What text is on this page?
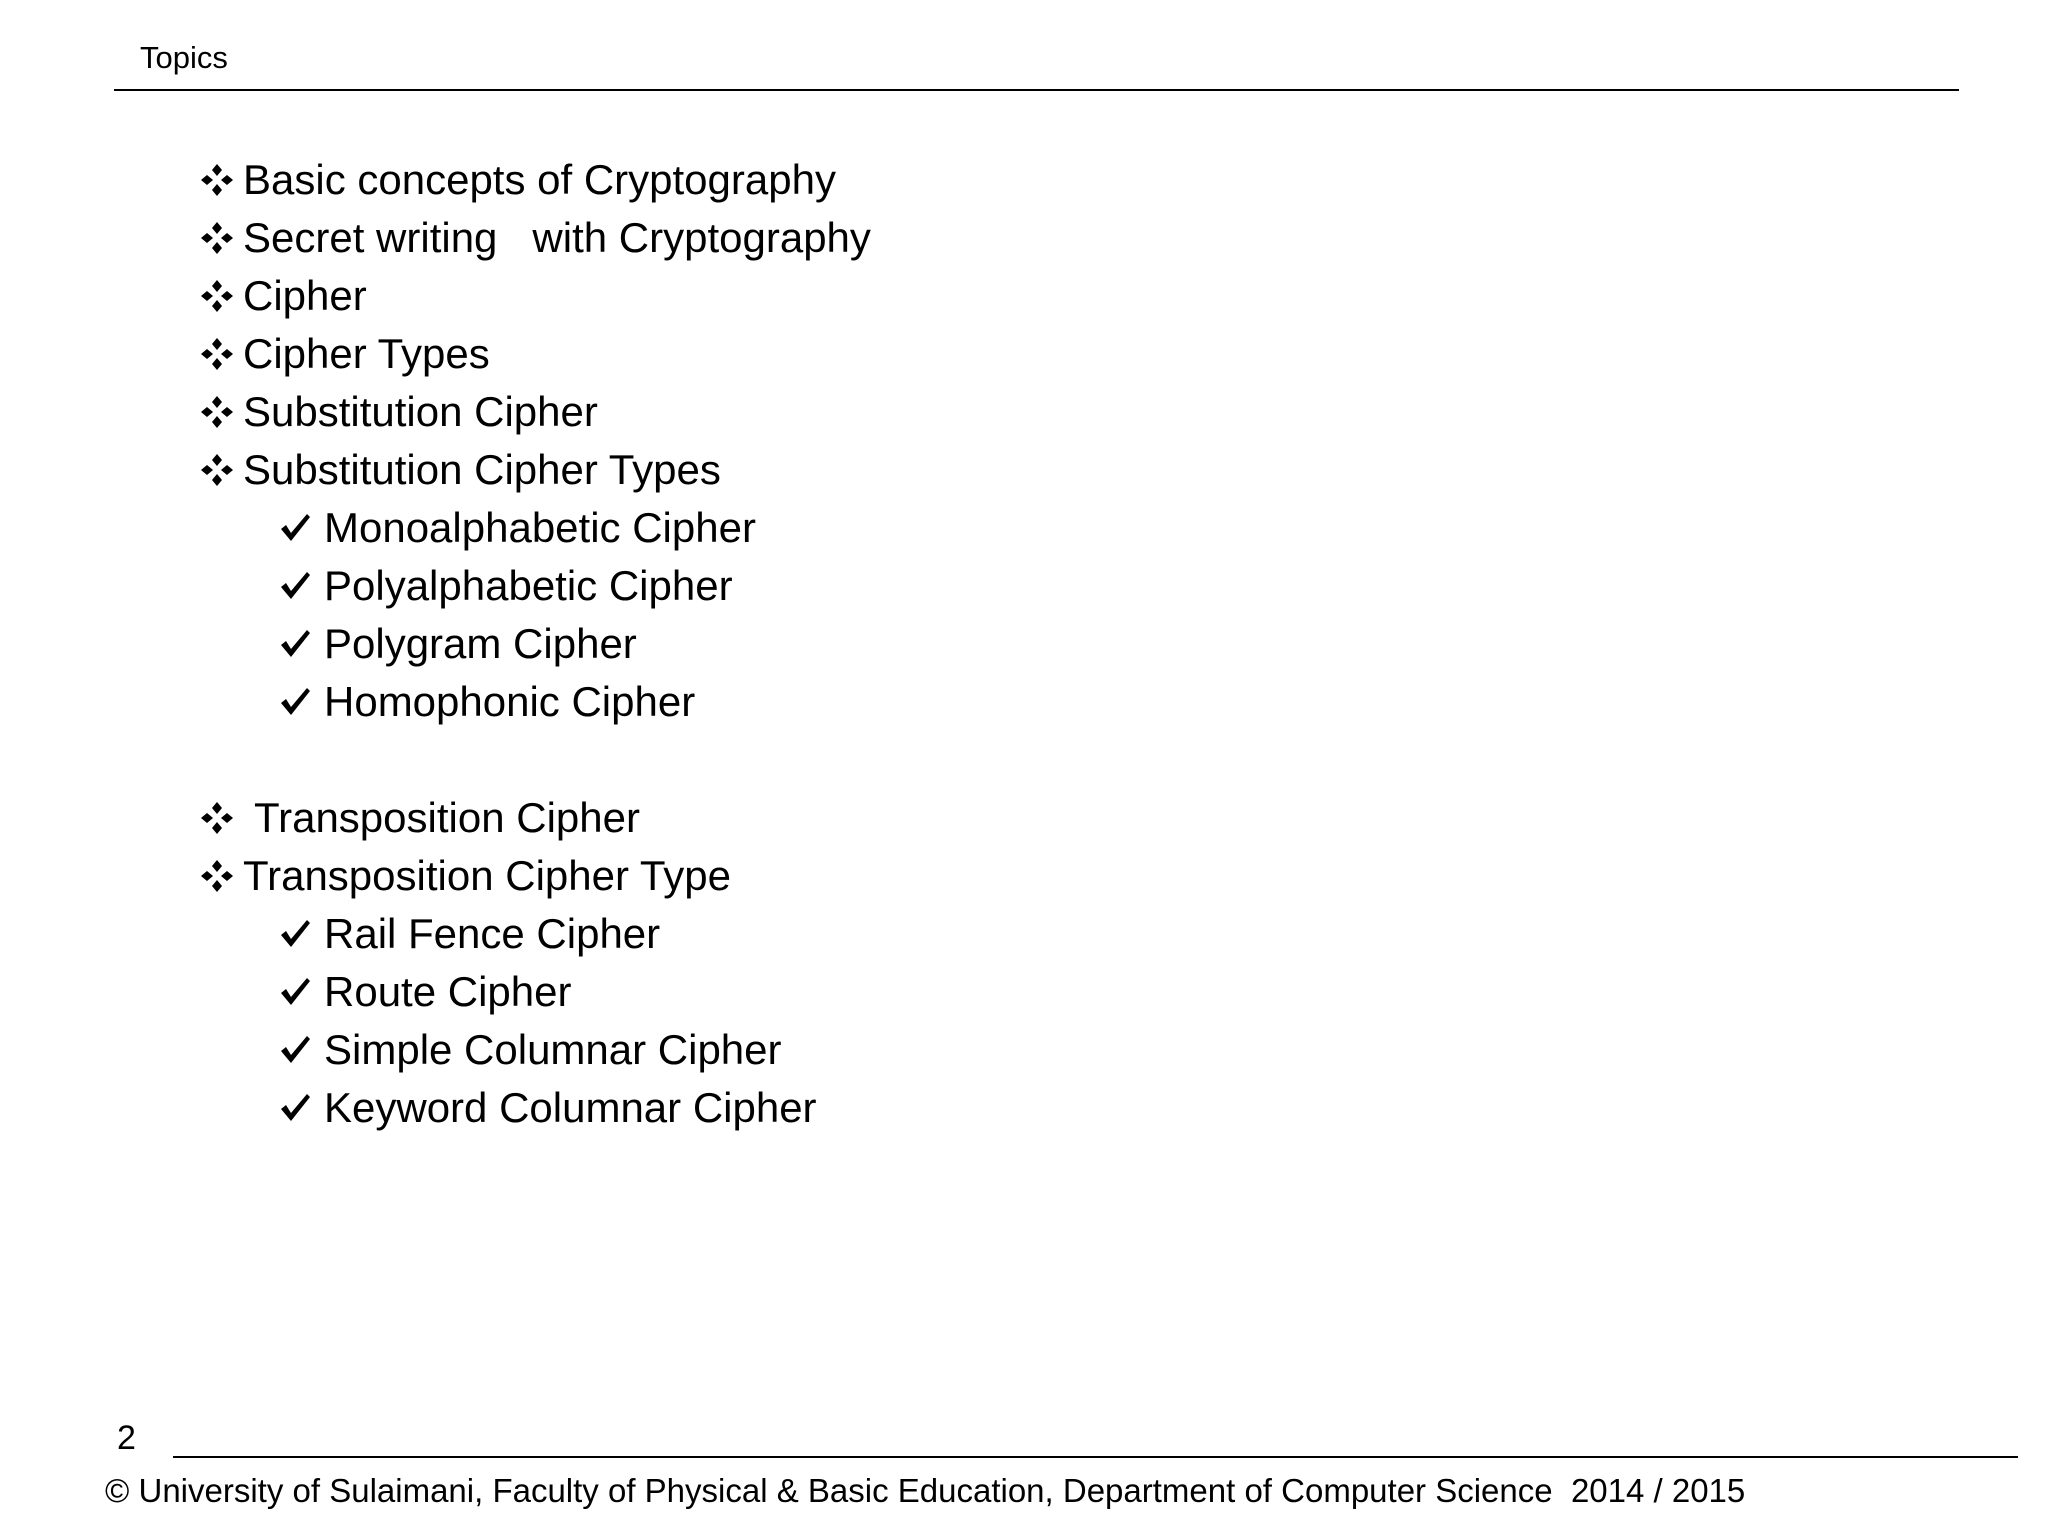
Topics

Basic concepts of Cryptography

Secret writing   with Cryptography

Cipher

Cipher Types

Substitution Cipher

Substitution Cipher Types

Monoalphabetic Cipher

Polyalphabetic Cipher

Polygram Cipher

Homophonic Cipher

Transposition Cipher

Transposition Cipher Type

Rail Fence Cipher

Route Cipher

Simple Columnar Cipher

Keyword Columnar Cipher
2
© University of Sulaimani, Faculty of Physical & Basic Education, Department of Computer Science  2014 / 2015
